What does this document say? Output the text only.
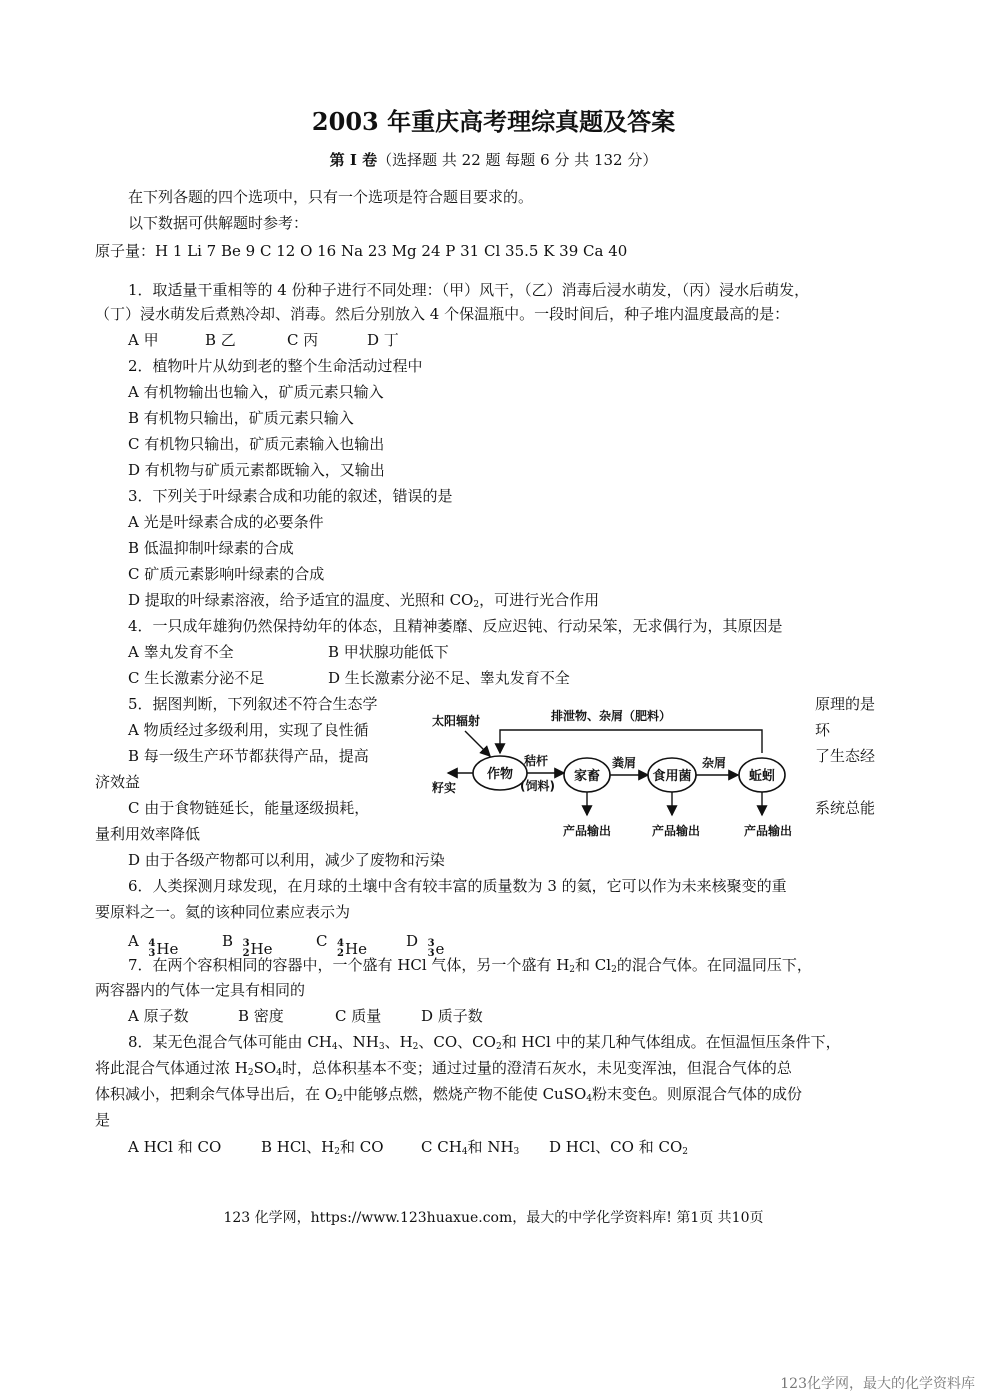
2003 年重庆高考理综真题及答案
第 I 卷（选择题 共 22 题 每题 6 分 共 132 分）
在下列各题的四个选项中，只有一个选项是符合题目要求的。
以下数据可供解题时参考：
原子量：H 1 Li 7 Be 9 C 12 O 16 Na 23 Mg 24 P 31 Cl 35.5 K 39 Ca 40
1．取适量干重相等的 4 份种子进行不同处理：（甲）风干，（乙）消毒后浸水萌发，（丙）浸水后萌发，
（丁）浸水萌发后煮熟冷却、消毒。然后分别放入 4 个保温瓶中。一段时间后，种子堆内温度最高的是：
A 甲	B 乙	C 丙	D 丁
2．植物叶片从幼到老的整个生命活动过程中
A 有机物输出也输入，矿质元素只输入
B 有机物只输出，矿质元素只输入
C 有机物只输出，矿质元素输入也输出
D 有机物与矿质元素都既输入，又输出
3．下列关于叶绿素合成和功能的叙述，错误的是
A 光是叶绿素合成的必要条件
B 低温抑制叶绿素的合成
C 矿质元素影响叶绿素的合成
D 提取的叶绿素溶液，给予适宜的温度、光照和 $CO_2$，可进行光合作用
4．一只成年雄狗仍然保持幼年的体态，且精神萎靡、反应迟钝、行动呆笨，无求偶行为，其原因是
A 睾丸发育不全	B 甲状腺功能低下
C 生长激素分泌不足	D 生长激素分泌不足、睾丸发育不全
5．据图判断，下列叙述不符合生态学	原理的是
A 物质经过多级利用，实现了良性循	环
B 每一级生产环节都获得产品，提高	了生态经
济效益
C 由于食物链延长，能量逐级损耗，	系统总能
量利用效率降低
D 由于各级产物都可以利用，减少了废物和污染
太阳辐射	排泄物、杂屑（肥料）
作物
籽实
秸杆
(饲料)
家畜
粪屑
食用菌
杂屑
蚯蚓
产品输出	产品输出	产品输出
6．人类探测月球发现，在月球的土壤中含有较丰富的质量数为 3 的氦，它可以作为未来核聚变的重
要原料之一。氦的该种同位素应表示为
A 4
3 He	B 3
2 He	C 4
2 He	D 3
3 e
7．在两个容积相同的容器中，一个盛有 HCl 气体，另一个盛有 $H_2$和 $Cl_2$的混合气体。在同温同压下，
两容器内的气体一定具有相同的
A 原子数	B 密度	C 质量	D 质子数
8．某无色混合气体可能由 $CH_4$、$NH_3$、$H_2$、CO、$CO_2$和 HCl 中的某几种气体组成。在恒温恒压条件下，
将此混合气体通过浓 $H_2SO_4$时，总体积基本不变；通过过量的澄清石灰水，未见变浑浊，但混合气体的总
体积减小，把剩余气体导出后，在 $O_2$中能够点燃，燃烧产物不能使 CuSO$_4$粉末变色。则原混合气体的成份
是
A HCl 和 CO	B HCl、$H_2$和 CO C $CH_4$和 $NH_3$ D HCl、CO 和 $CO_2$
123 化学网，https://www.123huaxue.com，最大的中学化学资料库! 第1页 共10页
123化学网，最大的化学资料库
